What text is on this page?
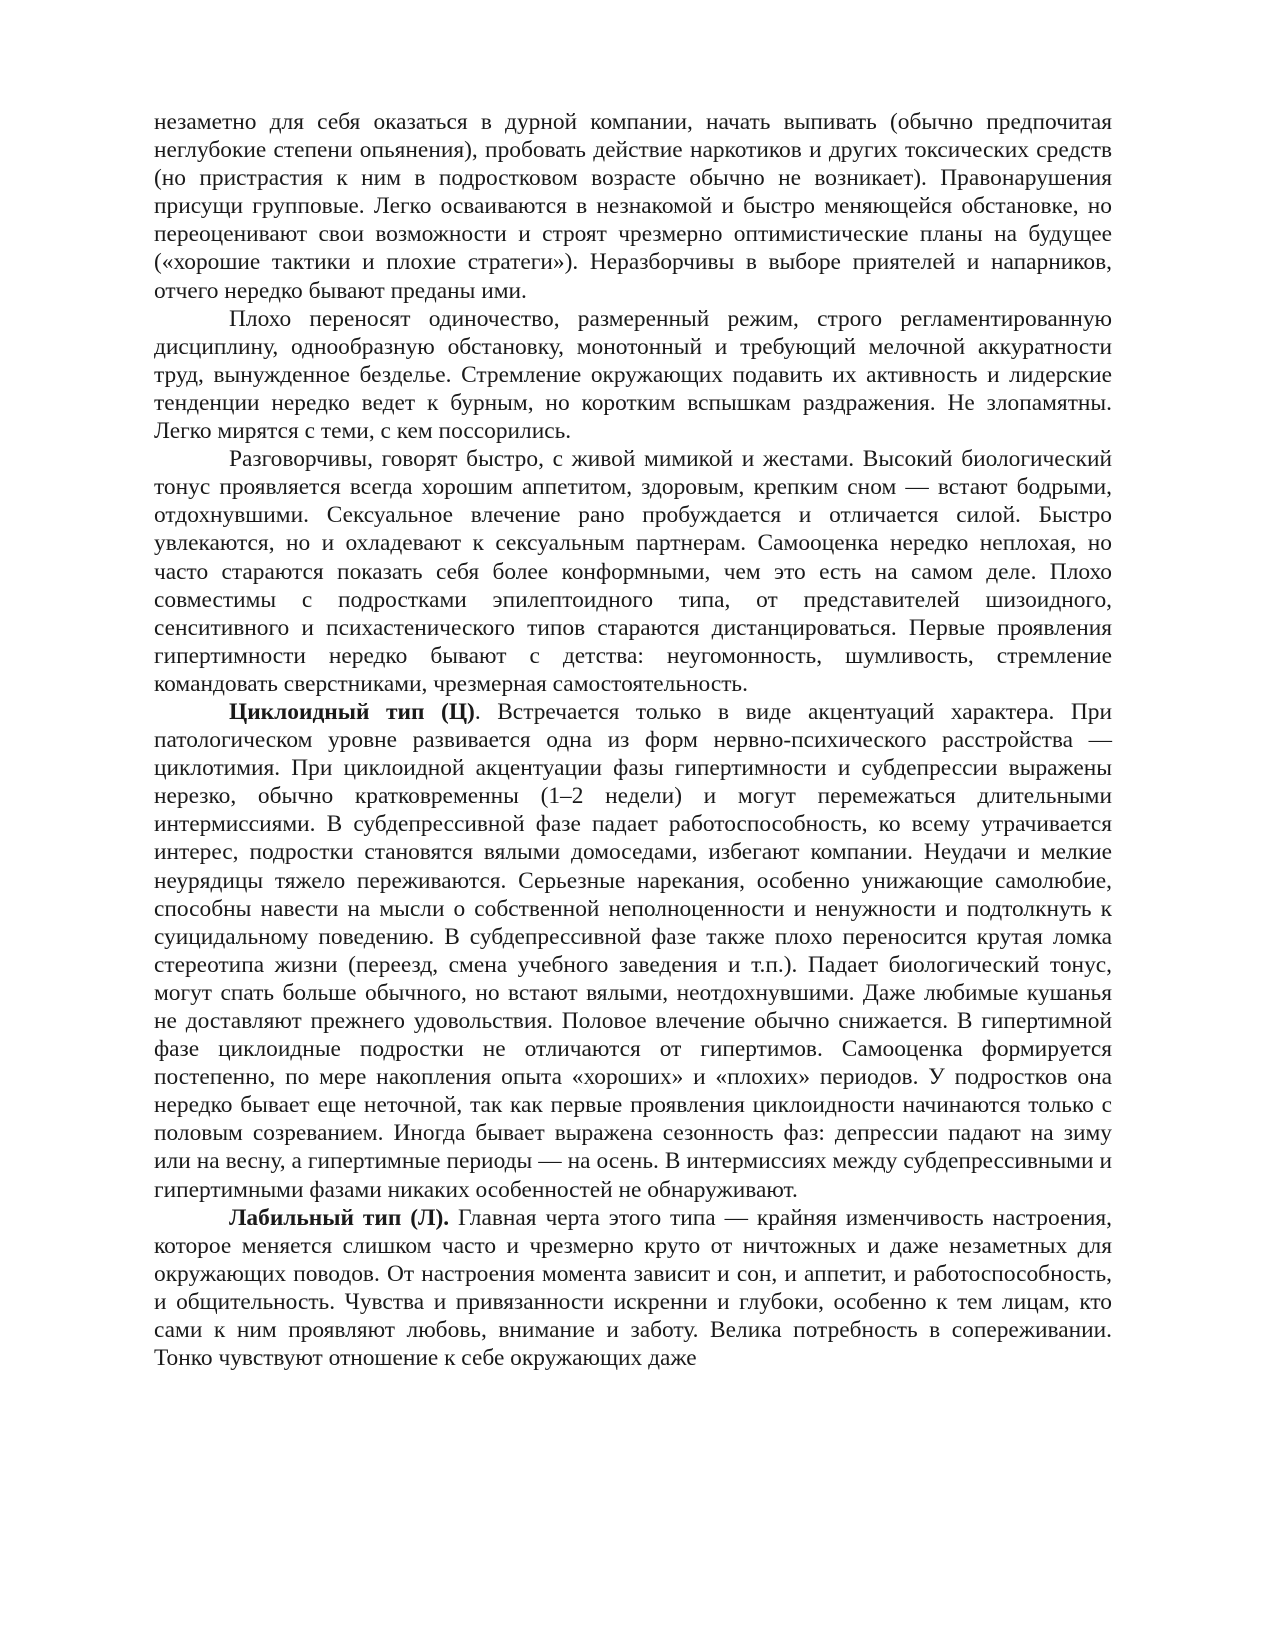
незаметно для себя оказаться в дурной компании, начать выпивать (обычно предпочитая неглубокие степени опьянения), пробовать действие наркотиков и других токсических средств (но пристрастия к ним в подростковом возрасте обычно не возникает). Правонарушения присущи групповые. Легко осваиваются в незнакомой и быстро меняющейся обстановке, но переоценивают свои возможности и строят чрезмерно оптимистические планы на будущее («хорошие тактики и плохие стратеги»). Неразборчивы в выборе приятелей и напарников, отчего нередко бывают преданы ими.

Плохо переносят одиночество, размеренный режим, строго регламентированную дисциплину, однообразную обстановку, монотонный и требующий мелочной аккуратности труд, вынужденное безделье. Стремление окружающих подавить их активность и лидерские тенденции нередко ведет к бурным, но коротким вспышкам раздражения. Не злопамятны. Легко мирятся с теми, с кем поссорились.

Разговорчивы, говорят быстро, с живой мимикой и жестами. Высокий биологический тонус проявляется всегда хорошим аппетитом, здоровым, крепким сном — встают бодрыми, отдохнувшими. Сексуальное влечение рано пробуждается и отличается силой. Быстро увлекаются, но и охладевают к сексуальным партнерам. Самооценка нередко неплохая, но часто стараются показать себя более конформными, чем это есть на самом деле. Плохо совместимы с подростками эпилептоидного типа, от представителей шизоидного, сенситивного и психастенического типов стараются дистанцироваться. Первые проявления гипертимности нередко бывают с детства: неугомонность, шумливость, стремление командовать сверстниками, чрезмерная самостоятельность.

Циклоидный тип (Ц). Встречается только в виде акцентуаций характера. При патологическом уровне развивается одна из форм нервно-психического расстройства — циклотимия. При циклоидной акцентуации фазы гипертимности и субдепрессии выражены нерезко, обычно кратковременны (1–2 недели) и могут перемежаться длительными интермиссиями. В субдепрессивной фазе падает работоспособность, ко всему утрачивается интерес, подростки становятся вялыми домоседами, избегают компании. Неудачи и мелкие неурядицы тяжело переживаются. Серьезные нарекания, особенно унижающие самолюбие, способны навести на мысли о собственной неполноценности и ненужности и подтолкнуть к суицидальному поведению. В субдепрессивной фазе также плохо переносится крутая ломка стереотипа жизни (переезд, смена учебного заведения и т.п.). Падает биологический тонус, могут спать больше обычного, но встают вялыми, неотдохнувшими. Даже любимые кушанья не доставляют прежнего удовольствия. Половое влечение обычно снижается. В гипертимной фазе циклоидные подростки не отличаются от гипертимов. Самооценка формируется постепенно, по мере накопления опыта «хороших» и «плохих» периодов. У подростков она нередко бывает еще неточной, так как первые проявления циклоидности начинаются только с половым созреванием. Иногда бывает выражена сезонность фаз: депрессии падают на зиму или на весну, а гипертимные периоды — на осень. В интермиссиях между субдепрессивными и гипертимными фазами никаких особенностей не обнаруживают.

Лабильный тип (Л). Главная черта этого типа — крайняя изменчивость настроения, которое меняется слишком часто и чрезмерно круто от ничтожных и даже незаметных для окружающих поводов. От настроения момента зависит и сон, и аппетит, и работоспособность, и общительность. Чувства и привязанности искренни и глубоки, особенно к тем лицам, кто сами к ним проявляют любовь, внимание и заботу. Велика потребность в сопереживании. Тонко чувствуют отношение к себе окружающих даже
